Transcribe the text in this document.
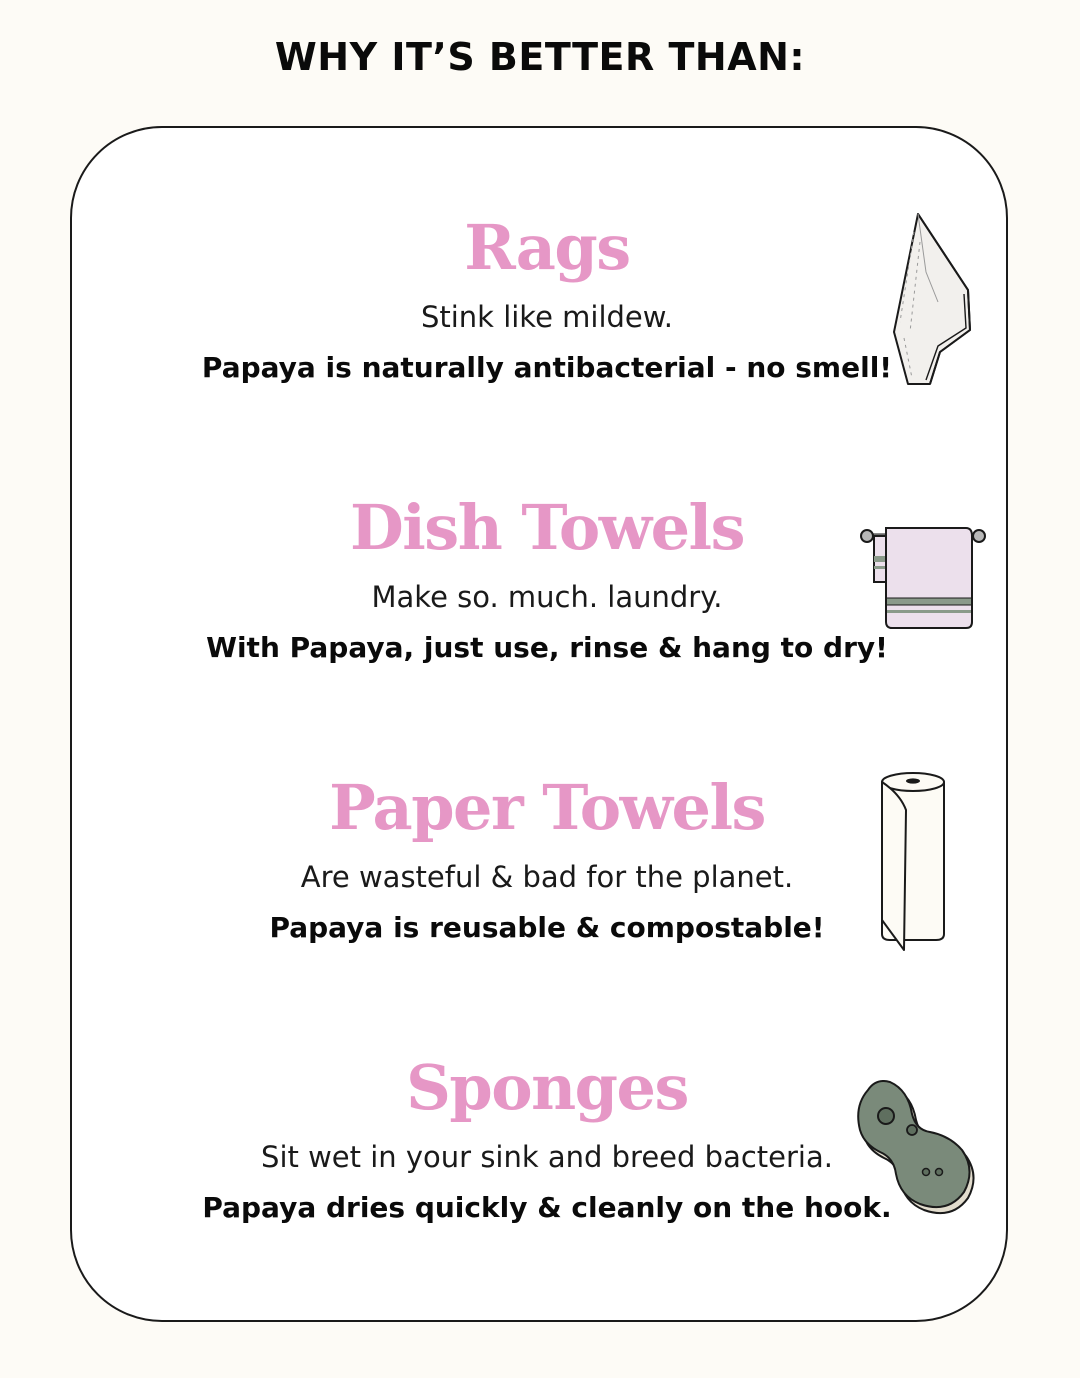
WHY IT’S BETTER THAN:
Rags

Stink like mildew.

Papaya is naturally antibacterial - no smell!

Dish Towels

Make so. much. laundry.

With Papaya, just use, rinse & hang to dry!

Paper Towels

Are wasteful & bad for the planet.

Papaya is reusable & compostable!

Sponges

Sit wet in your sink and breed bacteria.

Papaya dries quickly & cleanly on the hook.
